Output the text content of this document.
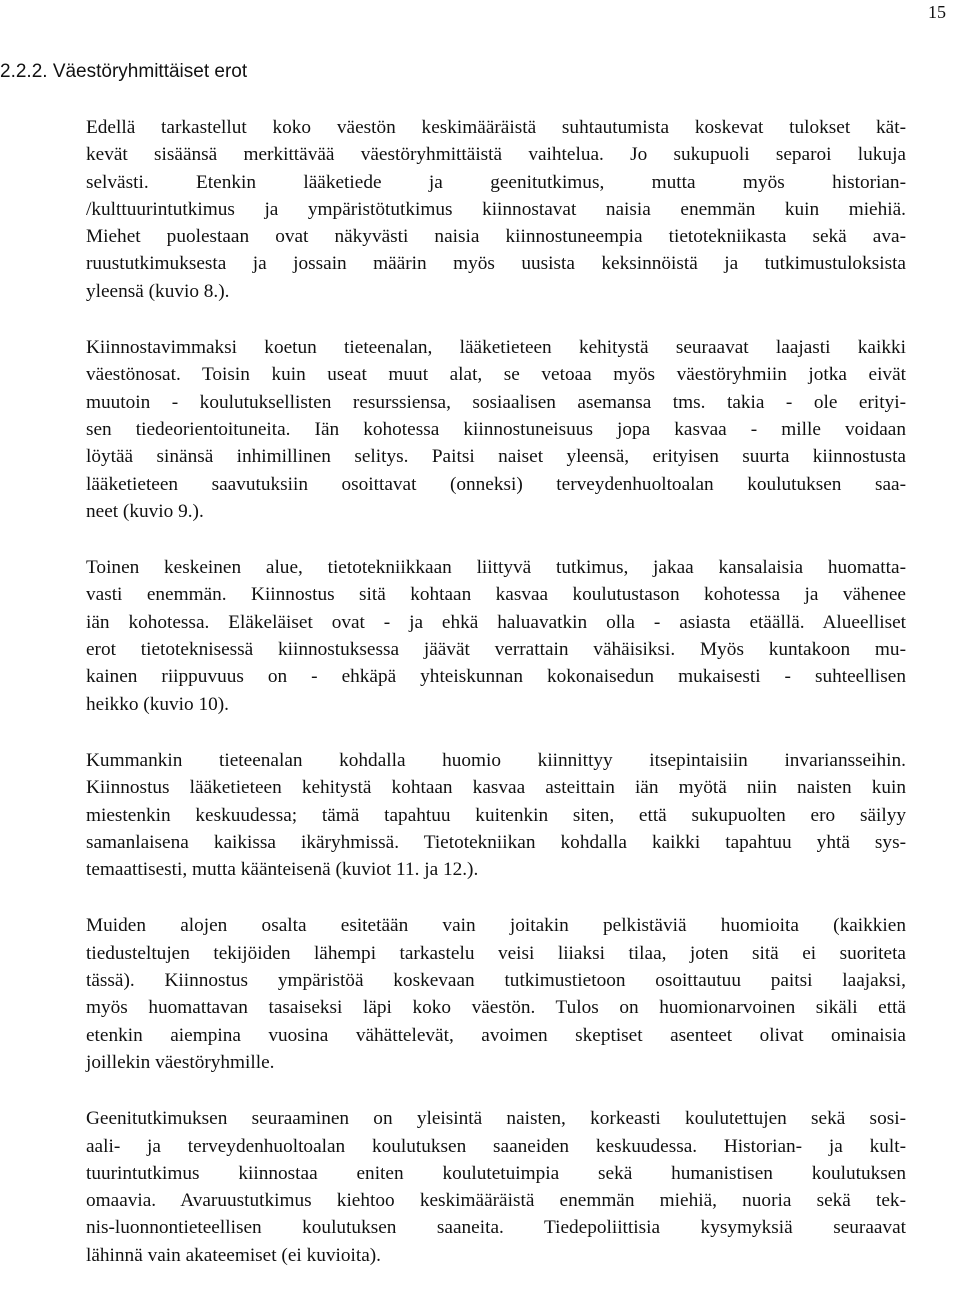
15
2.2.2. Väestöryhmittäiset erot

Edellä tarkastellut koko väestön keskimääräistä suhtautumista koskevat tulokset kät-
kevät sisäänsä merkittävää väestöryhmittäistä vaihtelua. Jo sukupuoli separoi lukuja
selvästi. Etenkin lääketiede ja geenitutkimus, mutta myös historian-
/kulttuurintutkimus ja ympäristötutkimus kiinnostavat naisia enemmän kuin miehiä.
Miehet puolestaan ovat näkyvästi naisia kiinnostuneempia tietotekniikasta sekä ava-
ruustutkimuksesta ja jossain määrin myös uusista keksinnöistä ja tutkimustuloksista
yleensä (kuvio 8.).

Kiinnostavimmaksi koetun tieteenalan, lääketieteen kehitystä seuraavat laajasti kaikki
väestönosat. Toisin kuin useat muut alat, se vetoaa myös väestöryhmiin jotka eivät
muutoin - koulutuksellisten resurssiensa, sosiaalisen asemansa tms. takia - ole erityi-
sen tiedeorientoituneita. Iän kohotessa kiinnostuneisuus jopa kasvaa - mille voidaan
löytää sinänsä inhimillinen selitys. Paitsi naiset yleensä, erityisen suurta kiinnostusta
lääketieteen saavutuksiin osoittavat (onneksi) terveydenhuoltoalan koulutuksen saa-
neet (kuvio 9.).

Toinen keskeinen alue, tietotekniikkaan liittyvä tutkimus, jakaa kansalaisia huomatta-
vasti enemmän. Kiinnostus sitä kohtaan kasvaa koulutustason kohotessa ja vähenee
iän kohotessa. Eläkeläiset ovat - ja ehkä haluavatkin olla - asiasta etäällä. Alueelliset
erot tietoteknisessä kiinnostuksessa jäävät verrattain vähäisiksi. Myös kuntakoon mu-
kainen riippuvuus on - ehkäpä yhteiskunnan kokonaisedun mukaisesti - suhteellisen
heikko (kuvio 10).

Kummankin tieteenalan kohdalla huomio kiinnittyy itsepintaisiin invariansseihin.
Kiinnostus lääketieteen kehitystä kohtaan kasvaa asteittain iän myötä niin naisten kuin
miestenkin keskuudessa; tämä tapahtuu kuitenkin siten, että sukupuolten ero säilyy
samanlaisena kaikissa ikäryhmissä. Tietotekniikan kohdalla kaikki tapahtuu yhtä sys-
temaattisesti, mutta käänteisenä (kuviot 11. ja 12.).

Muiden alojen osalta esitetään vain joitakin pelkistäviä huomioita (kaikkien
tiedusteltujen tekijöiden lähempi tarkastelu veisi liiaksi tilaa, joten sitä ei suoriteta
tässä). Kiinnostus ympäristöä koskevaan tutkimustietoon osoittautuu paitsi laajaksi,
myös huomattavan tasaiseksi läpi koko väestön. Tulos on huomionarvoinen sikäli että
etenkin aiempina vuosina vähättelevät, avoimen skeptiset asenteet olivat ominaisia
joillekin väestöryhmille.

Geenitutkimuksen seuraaminen on yleisintä naisten, korkeasti koulutettujen sekä sosi-
aali- ja terveydenhuoltoalan koulutuksen saaneiden keskuudessa. Historian- ja kult-
tuurintutkimus kiinnostaa eniten koulutetuimpia sekä humanistisen koulutuksen
omaavia. Avaruustutkimus kiehtoo keskimääräistä enemmän miehiä, nuoria sekä tek-
nis-luonnontieteellisen koulutuksen saaneita. Tiedepoliittisia kysymyksiä seuraavat
lähinnä vain akateemiset (ei kuvioita).
